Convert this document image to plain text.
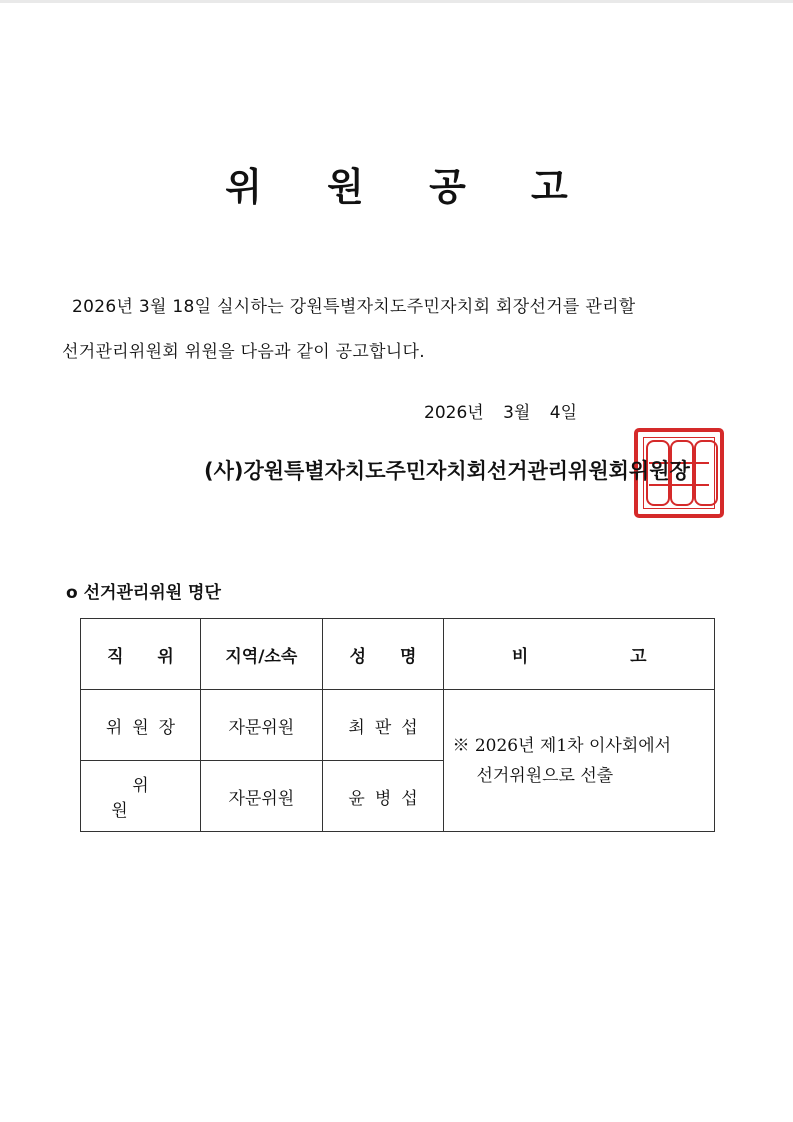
위 원 공 고
2026년 3월 18일 실시하는 강원특별자치도주민자치회 회장선거를 관리할
선거관리위원회 위원을 다음과 같이 공고합니다.
2026년 3월 4일
(사)강원특별자치도주민자치회선거관리위원회위원장
o 선거관리위원 명단
직 위	지역/소속	성 명	비 고
위원장	자문위원	최판섭	※ 2026년 제1차 이사회에서
선거위원으로 선출

위원	자문위원	윤병섭	
